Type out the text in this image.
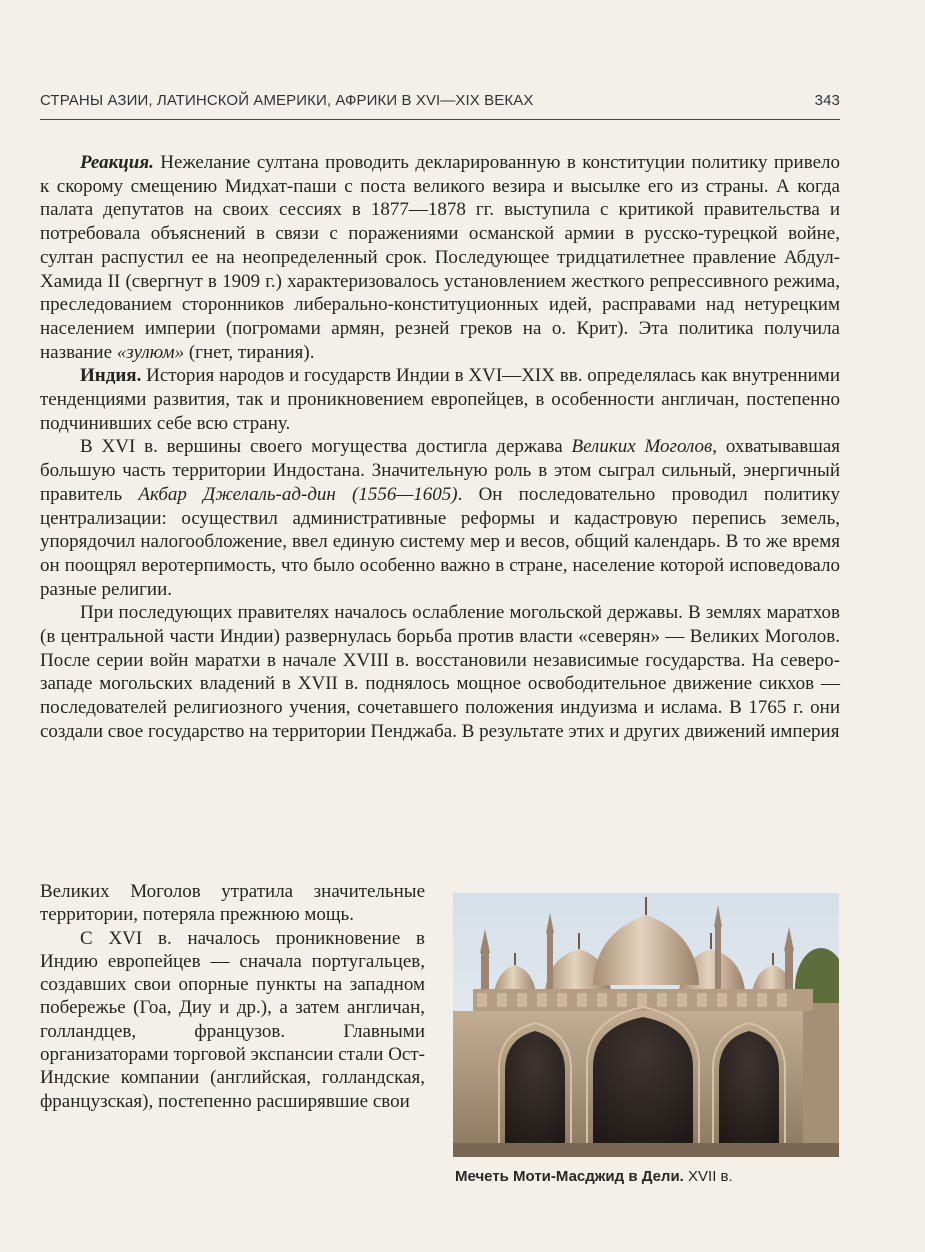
СТРАНЫ АЗИИ, ЛАТИНСКОЙ АМЕРИКИ, АФРИКИ В XVI—XIX ВЕКАХ	343

Реакция. Нежелание султана проводить декларированную в конституции политику привело к скорому смещению Мидхат-паши с поста великого везира и высылке его из страны. А когда палата депутатов на своих сессиях в 1877—1878 гг. выступила с критикой правительства и потребовала объяснений в связи с поражениями османской армии в русско-турецкой войне, султан распустил ее на неопределенный срок. Последующее тридцатилетнее правление Абдул-Хамида II (свергнут в 1909 г.) характеризовалось установлением жесткого репрессивного режима, преследованием сторонников либерально-конституционных идей, расправами над нетурецким населением империи (погромами армян, резней греков на о. Крит). Эта политика получила название «зулюм» (гнет, тирания).

Индия. История народов и государств Индии в XVI—XIX вв. определялась как внутренними тенденциями развития, так и проникновением европейцев, в особенности англичан, постепенно подчинивших себе всю страну.

В XVI в. вершины своего могущества достигла держава Великих Моголов, охватывавшая большую часть территории Индостана. Значительную роль в этом сыграл сильный, энергичный правитель Акбар Джелаль-ад-дин (1556—1605). Он последовательно проводил политику централизации: осуществил административные реформы и кадастровую перепись земель, упорядочил налогообложение, ввел единую систему мер и весов, общий календарь. В то же время он поощрял веротерпимость, что было особенно важно в стране, население которой исповедовало разные религии.

При последующих правителях началось ослабление могольской державы. В землях маратхов (в центральной части Индии) развернулась борьба против власти «северян» — Великих Моголов. После серии войн маратхи в начале XVIII в. восстановили независимые государства. На северо-западе могольских владений в XVII в. поднялось мощное освободительное движение сикхов — последователей религиозного учения, сочетавшего положения индуизма и ислама. В 1765 г. они создали свое государство на территории Пенджаба. В результате этих и других движений империя

Великих Моголов утратила значительные территории, потеряла прежнюю мощь.

С XVI в. началось проникновение в Индию европейцев — сначала португальцев, создавших свои опорные пункты на западном побережье (Гоа, Диу и др.), а затем англичан, голландцев, французов. Главными организаторами торговой экспансии стали Ост-Индские компании (английская, голландская, французская), постепенно расширявшие свои

Мечеть Моти-Масджид в Дели. XVII в.
